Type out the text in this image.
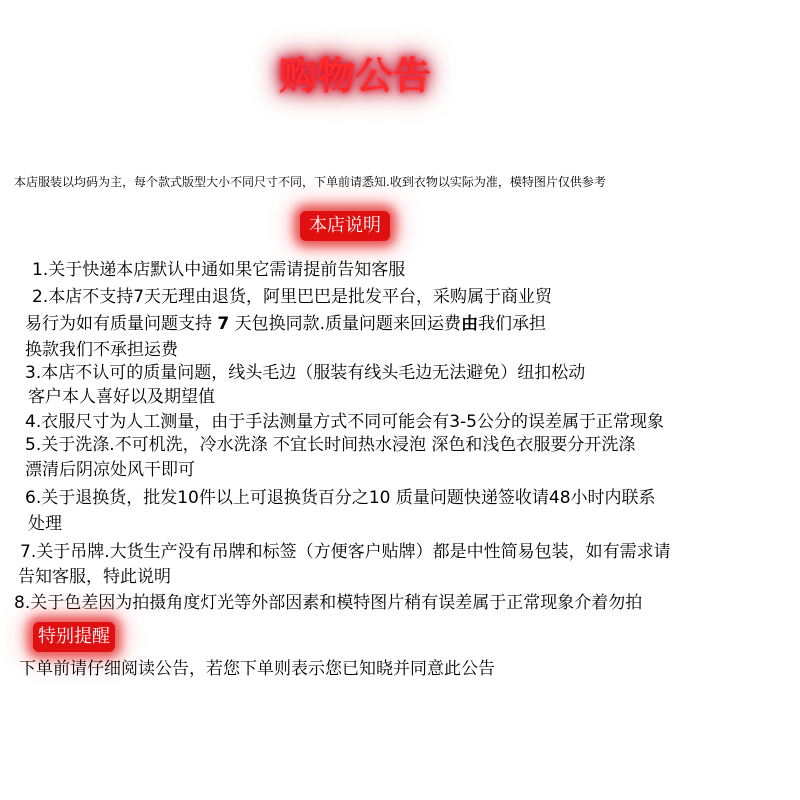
购物公告
本店服装以均码为主，每个款式版型大小不同尺寸不同，下单前请悉知.收到衣物以实际为准，模特图片仅供参考
本店说明
1.关于快递本店默认中通如果它需请提前告知客服
2.本店不支持7天无理由退货，阿里巴巴是批发平台，采购属于商业贸
易行为如有质量问题支持 7 天包换同款.质量问题来回运费由我们承担
换款我们不承担运费
3.本店不认可的质量问题，线头毛边（服装有线头毛边无法避免）纽扣松动
客户本人喜好以及期望值
4.衣服尺寸为人工测量，由于手法测量方式不同可能会有3-5公分的误差属于正常现象
5.关于洗涤.不可机洗，冷水洗涤 不宜长时间热水浸泡 深色和浅色衣服要分开洗涤
漂清后阴凉处风干即可
6.关于退换货，批发10件以上可退换货百分之10 质量问题快递签收请48小时内联系
处理
7.关于吊牌.大货生产没有吊牌和标签（方便客户贴牌）都是中性简易包装，如有需求请
告知客服，特此说明
8.关于色差因为拍摄角度灯光等外部因素和模特图片稍有误差属于正常现象介着勿拍
特别提醒
下单前请仔细阅读公告，若您下单则表示您已知晓并同意此公告
